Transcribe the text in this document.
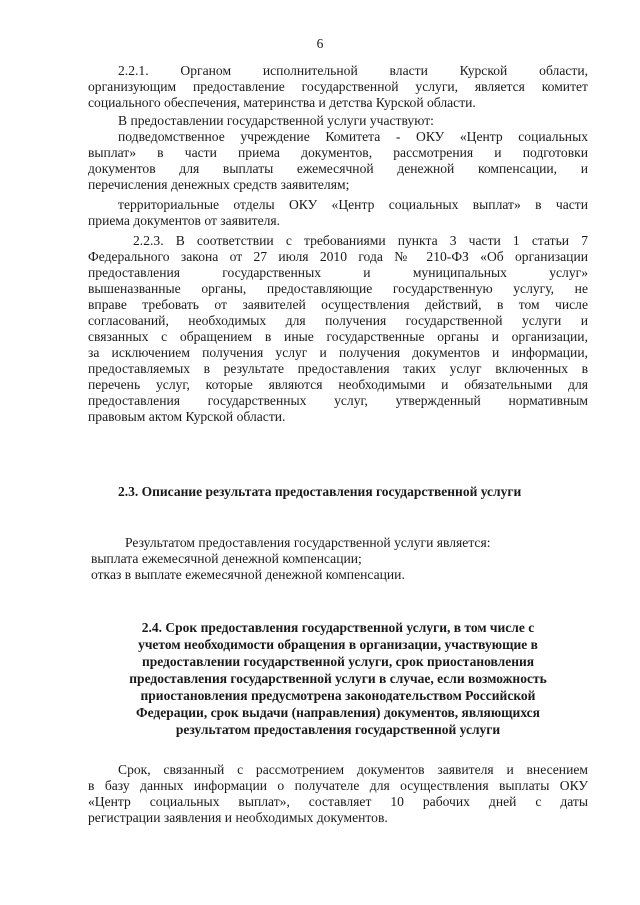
6
2.2.1. Органом исполнительной власти Курской области,
организующим предоставление государственной услуги, является комитет
социального обеспечения, материнства и детства Курской области.
В предоставлении государственной услуги участвуют:
подведомственное учреждение Комитета - ОКУ «Центр социальных
выплат» в части приема документов, рассмотрения и подготовки
документов для выплаты ежемесячной денежной компенсации, и
перечисления денежных средств заявителям;
территориальные отделы ОКУ «Центр социальных выплат» в части
приема документов от заявителя.
2.2.3. В соответствии с требованиями пункта 3 части 1 статьи 7
Федерального закона от 27 июля 2010 года № 210-ФЗ «Об организации
предоставления государственных и муниципальных услуг»
вышеназванные органы, предоставляющие государственную услугу, не
вправе требовать от заявителей осуществления действий, в том числе
согласований, необходимых для получения государственной услуги и
связанных с обращением в иные государственные органы и организации,
за исключением получения услуг и получения документов и информации,
предоставляемых в результате предоставления таких услуг включенных в
перечень услуг, которые являются необходимыми и обязательными для
предоставления государственных услуг, утвержденный нормативным
правовым актом Курской области.
2.3. Описание результата предоставления государственной услуги
Результатом предоставления государственной услуги является:
выплата ежемесячной денежной компенсации;
отказ в выплате ежемесячной денежной компенсации.
2.4. Срок предоставления государственной услуги, в том числе с
учетом необходимости обращения в организации, участвующие в
предоставлении государственной услуги, срок приостановления
предоставления государственной услуги в случае, если возможность
приостановления предусмотрена законодательством Российской
Федерации, срок выдачи (направления) документов, являющихся
результатом предоставления государственной услуги
Срок, связанный с рассмотрением документов заявителя и внесением
в базу данных информации о получателе для осуществления выплаты ОКУ
«Центр социальных выплат», составляет 10 рабочих дней с даты
регистрации заявления и необходимых документов.
